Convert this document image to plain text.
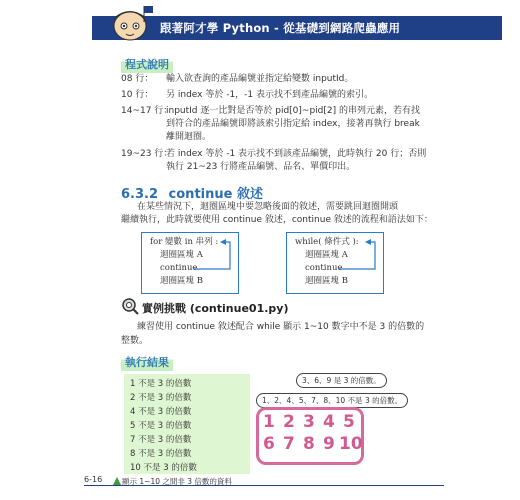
跟著阿才學 Python - 從基礎到網路爬蟲應用
程式說明
08 行：	輸入欲查詢的產品編號並指定給變數 inputId。
10 行：	另 index 等於 -1，-1 表示找不到產品編號的索引。
14~17 行：
inputId 逐一比對是否等於 pid[0]~pid[2] 的串列元素，若有找
到符合的產品編號即將該索引指定給 index，接著再執行 break
離開迴圈。
19~23 行：
若 index 等於 -1 表示找不到該產品編號，此時執行 20 行；否則
執行 21~23 行將產品編號、品名、單價印出。
6.3.2 continue 敘述
在某些情況下，迴圈區塊中要忽略後面的敘述，需要跳回迴圈開頭
繼續執行，此時就要使用 continue 敘述，continue 敘述的流程和語法如下：
for 變數 in 串列 :
迴圈區塊 A
continue
迴圈區塊 B
while( 條件式 ):
迴圈區塊 A
continue
迴圈區塊 B
實例挑戰 (continue01.py)
練習使用 continue 敘述配合 while 顯示 1~10 數字中不是 3 的倍數的
整數。
執行結果
1 不是 3 的倍數
2 不是 3 的倍數
4 不是 3 的倍數
5 不是 3 的倍數
7 不是 3 的倍數
8 不是 3 的倍數
10 不是 3 的倍數
3、6、9 是 3 的倍數。
1、2、4、5、7、8、10 不是 3 的倍數。
1 2 3 4 5
6 7 8 9 10
6-16	顯示 1~10 之間非 3 倍數的資料
